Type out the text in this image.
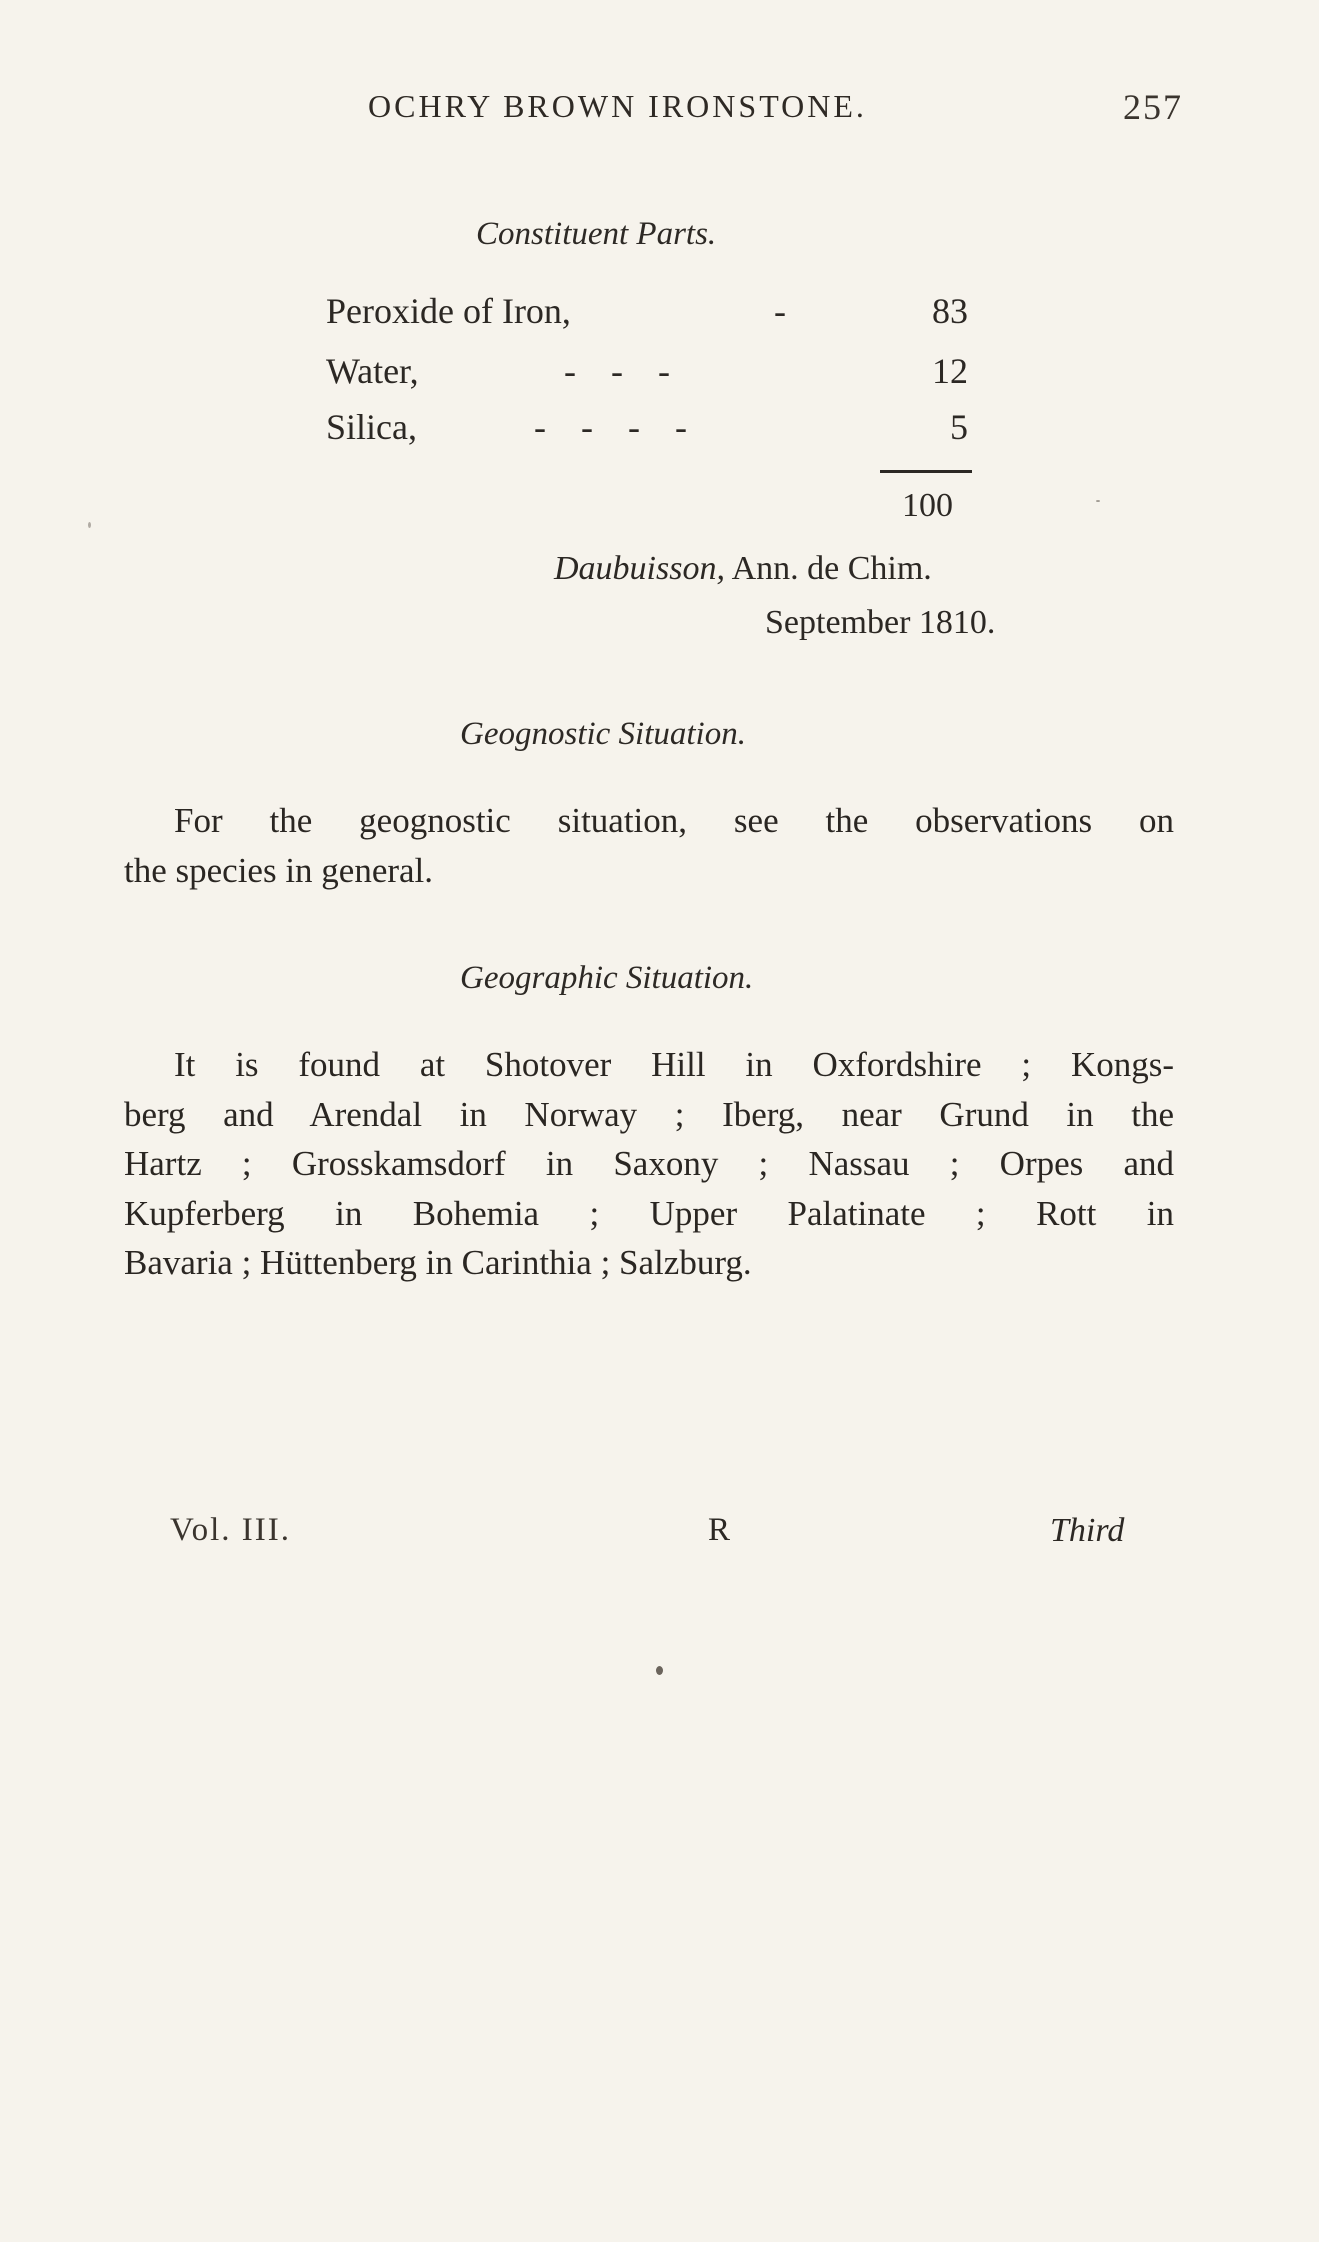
OCHRY BROWN IRONSTONE.	257
Constituent Parts.
Peroxide of Iron,	-	83
Water,	-   -   -	12
Silica,	-   -   -   -	5
100
Daubuisson, Ann. de Chim.
September 1810.
Geognostic Situation.
For the geognostic situation, see the observations on
the species in general.
Geographic Situation.
It is found at Shotover Hill in Oxfordshire ; Kongs-
berg and Arendal in Norway ; Iberg, near Grund in the
Hartz ; Grosskamsdorf in Saxony ; Nassau ; Orpes and
Kupferberg in Bohemia ; Upper Palatinate ; Rott in
Bavaria ; Hüttenberg in Carinthia ; Salzburg.
Vol. III.	R	Third
